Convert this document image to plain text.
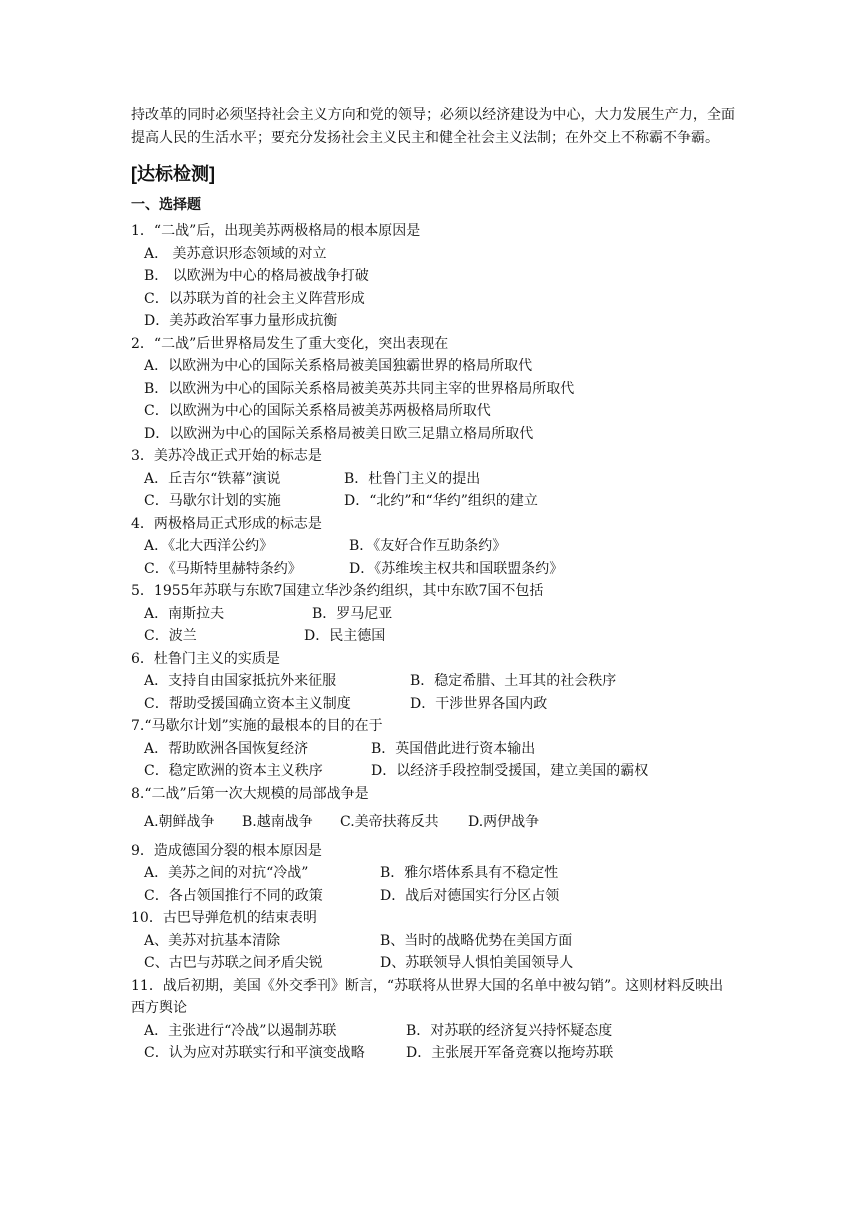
持改革的同时必须坚持社会主义方向和党的领导；必须以经济建设为中心，大力发展生产力，全面提高人民的生活水平；要充分发扬社会主义民主和健全社会主义法制；在外交上不称霸不争霸。

[达标检测]
一、选择题
1．“二战”后，出现美苏两极格局的根本原因是
A． 美苏意识形态领域的对立
B． 以欧洲为中心的格局被战争打破
C．以苏联为首的社会主义阵营形成
D．美苏政治军事力量形成抗衡
2．“二战”后世界格局发生了重大变化，突出表现在
A．以欧洲为中心的国际关系格局被美国独霸世界的格局所取代
B．以欧洲为中心的国际关系格局被美英苏共同主宰的世界格局所取代
C．以欧洲为中心的国际关系格局被美苏两极格局所取代
D．以欧洲为中心的国际关系格局被美日欧三足鼎立格局所取代
3．美苏冷战正式开始的标志是
A．丘吉尔“铁幕”演说	B．杜鲁门主义的提出
C．马歇尔计划的实施	D．“北约”和“华约”组织的建立
4．两极格局正式形成的标志是
A．《北大西洋公约》	B．《友好合作互助条约》
C．《马斯特里赫特条约》	D．《苏维埃主权共和国联盟条约》
5．1955年苏联与东欧7国建立华沙条约组织，其中东欧7国不包括
A．南斯拉夫	B．罗马尼亚
C．波兰	D．民主德国
6．杜鲁门主义的实质是
A．支持自由国家抵抗外来征服	B．稳定希腊、土耳其的社会秩序
C．帮助受援国确立资本主义制度	D．干涉世界各国内政
7.“马歇尔计划”实施的最根本的目的在于
A．帮助欧洲各国恢复经济	B．英国借此进行资本输出
C．稳定欧洲的资本主义秩序	D．以经济手段控制受援国，建立美国的霸权
8.“二战”后第一次大规模的局部战争是
A.朝鲜战争	B.越南战争	C.美帝扶蒋反共	D.两伊战争
9．造成德国分裂的根本原因是
A．美苏之间的对抗“冷战”	B．雅尔塔体系具有不稳定性
C．各占领国推行不同的政策	D．战后对德国实行分区占领
10．古巴导弹危机的结束表明
A、美苏对抗基本清除	B、当时的战略优势在美国方面
C、古巴与苏联之间矛盾尖锐	D、苏联领导人惧怕美国领导人
11．战后初期，美国《外交季刊》断言，“苏联将从世界大国的名单中被勾销”。这则材料反映出西方舆论
A．主张进行“冷战”以遏制苏联	B．对苏联的经济复兴持怀疑态度
C．认为应对苏联实行和平演变战略	D．主张展开军备竞赛以拖垮苏联
